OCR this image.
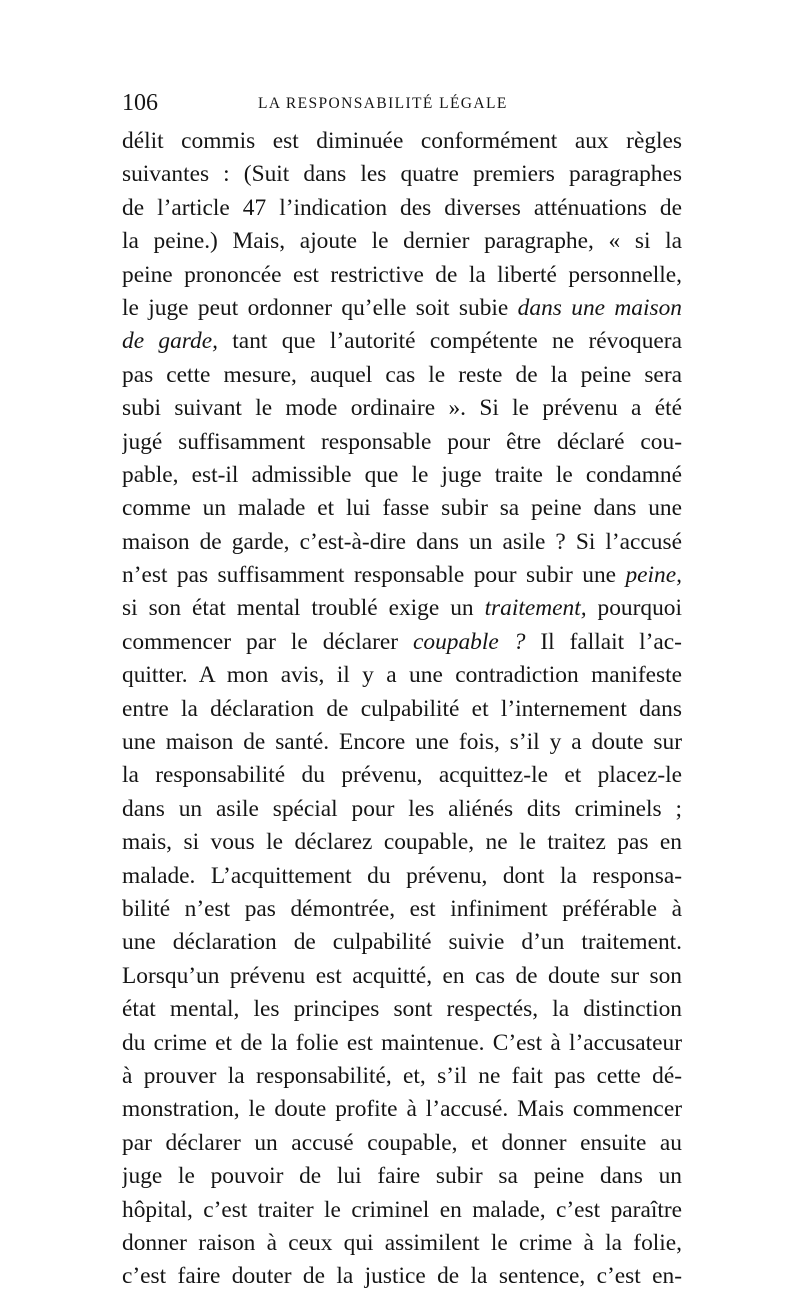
106	LA RESPONSABILITÉ LÉGALE
délit commis est diminuée conformément aux règles
suivantes : (Suit dans les quatre premiers paragraphes
de l’article 47 l’indication des diverses atténuations de
la peine.) Mais, ajoute le dernier paragraphe, « si la
peine prononcée est restrictive de la liberté personnelle,
le juge peut ordonner qu’elle soit subie dans une maison
de garde, tant que l’autorité compétente ne révoquera
pas cette mesure, auquel cas le reste de la peine sera
subi suivant le mode ordinaire ». Si le prévenu a été
jugé suffisamment responsable pour être déclaré cou-
pable, est-il admissible que le juge traite le condamné
comme un malade et lui fasse subir sa peine dans une
maison de garde, c’est-à-dire dans un asile ? Si l’accusé
n’est pas suffisamment responsable pour subir une peine,
si son état mental troublé exige un traitement, pourquoi
commencer par le déclarer coupable ? Il fallait l’ac-
quitter. A mon avis, il y a une contradiction manifeste
entre la déclaration de culpabilité et l’internement dans
une maison de santé. Encore une fois, s’il y a doute sur
la responsabilité du prévenu, acquittez-le et placez-le
dans un asile spécial pour les aliénés dits criminels ;
mais, si vous le déclarez coupable, ne le traitez pas en
malade. L’acquittement du prévenu, dont la responsa-
bilité n’est pas démontrée, est infiniment préférable à
une déclaration de culpabilité suivie d’un traitement.
Lorsqu’un prévenu est acquitté, en cas de doute sur son
état mental, les principes sont respectés, la distinction
du crime et de la folie est maintenue. C’est à l’accusateur
à prouver la responsabilité, et, s’il ne fait pas cette dé-
monstration, le doute profite à l’accusé. Mais commencer
par déclarer un accusé coupable, et donner ensuite au
juge le pouvoir de lui faire subir sa peine dans un
hôpital, c’est traiter le criminel en malade, c’est paraître
donner raison à ceux qui assimilent le crime à la folie,
c’est faire douter de la justice de la sentence, c’est en-
